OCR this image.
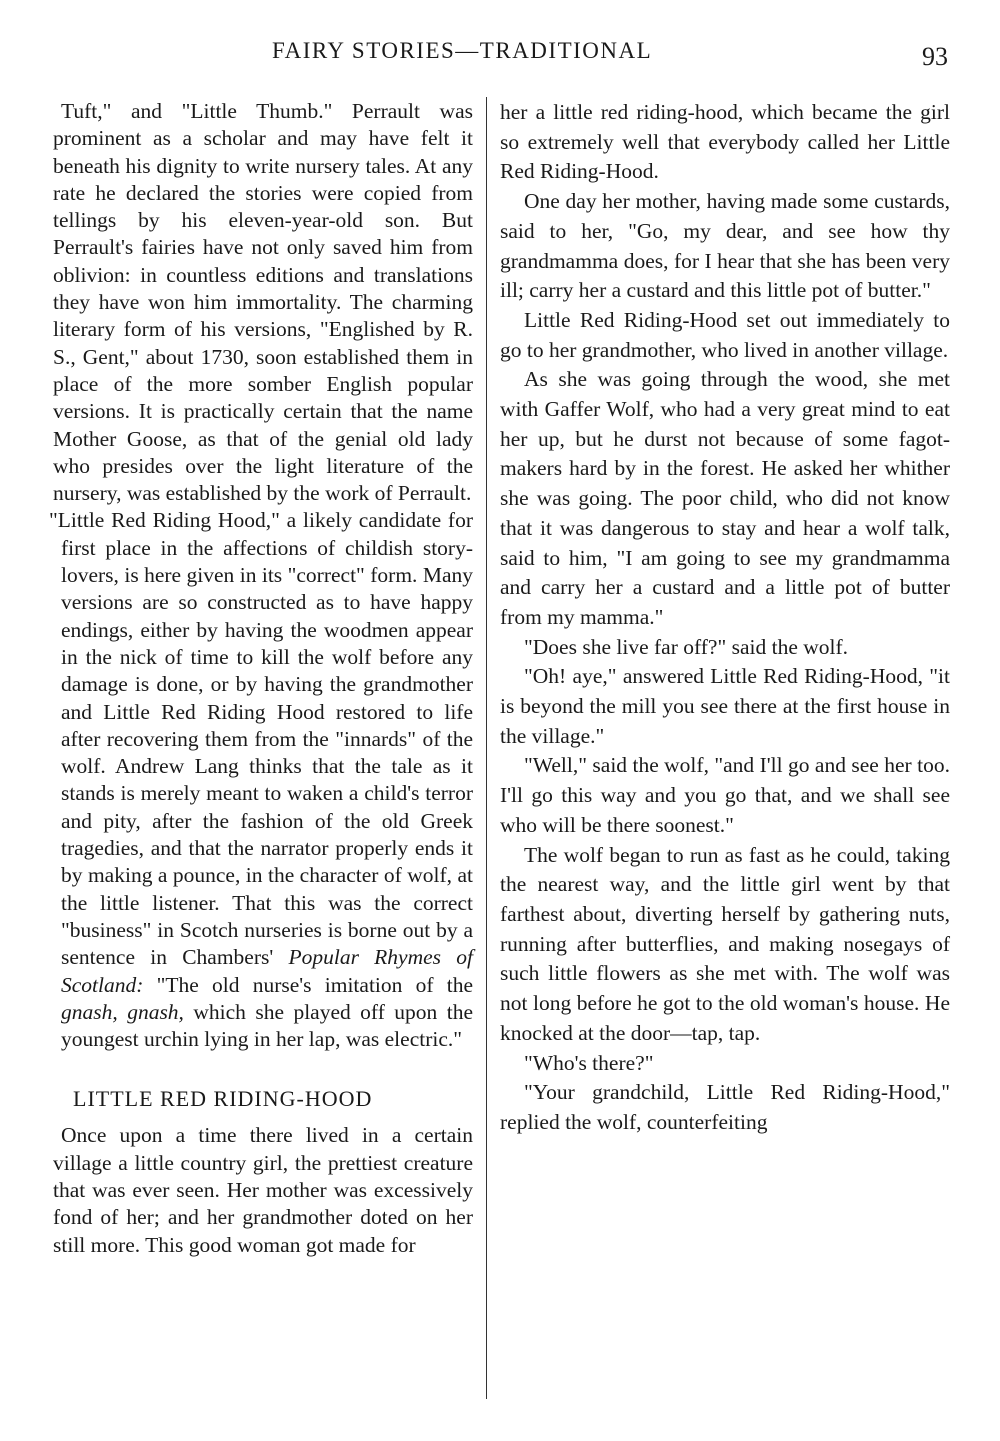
FAIRY STORIES—TRADITIONAL	93

Tuft," and "Little Thumb." Perrault was prominent as a scholar and may have felt it beneath his dignity to write nursery tales. At any rate he declared the stories were copied from tellings by his eleven-year-old son. But Perrault's fairies have not only saved him from oblivion: in countless editions and translations they have won him immortality. The charming literary form of his versions, "Englished by R. S., Gent," about 1730, soon established them in place of the more somber English popular versions. It is practically certain that the name Mother Goose, as that of the genial old lady who presides over the light literature of the nursery, was established by the work of Perrault.

"Little Red Riding Hood," a likely candidate for first place in the affections of childish story-lovers, is here given in its "correct" form. Many versions are so constructed as to have happy endings, either by having the woodmen appear in the nick of time to kill the wolf before any damage is done, or by having the grandmother and Little Red Riding Hood restored to life after recovering them from the "innards" of the wolf. Andrew Lang thinks that the tale as it stands is merely meant to waken a child's terror and pity, after the fashion of the old Greek tragedies, and that the narrator properly ends it by making a pounce, in the character of wolf, at the little listener. That this was the correct "business" in Scotch nurseries is borne out by a sentence in Chambers' Popular Rhymes of Scotland: "The old nurse's imitation of the gnash, gnash, which she played off upon the youngest urchin lying in her lap, was electric."

LITTLE RED RIDING-HOOD

Once upon a time there lived in a certain village a little country girl, the prettiest creature that was ever seen. Her mother was excessively fond of her; and her grandmother doted on her still more. This good woman got made for

her a little red riding-hood, which became the girl so extremely well that everybody called her Little Red Riding-Hood.

One day her mother, having made some custards, said to her, "Go, my dear, and see how thy grandmamma does, for I hear that she has been very ill; carry her a custard and this little pot of butter."

Little Red Riding-Hood set out immediately to go to her grandmother, who lived in another village.

As she was going through the wood, she met with Gaffer Wolf, who had a very great mind to eat her up, but he durst not because of some fagot-makers hard by in the forest. He asked her whither she was going. The poor child, who did not know that it was dangerous to stay and hear a wolf talk, said to him, "I am going to see my grandmamma and carry her a custard and a little pot of butter from my mamma."

"Does she live far off?" said the wolf.

"Oh! aye," answered Little Red Riding-Hood, "it is beyond the mill you see there at the first house in the village."

"Well," said the wolf, "and I'll go and see her too. I'll go this way and you go that, and we shall see who will be there soonest."

The wolf began to run as fast as he could, taking the nearest way, and the little girl went by that farthest about, diverting herself by gathering nuts, running after butterflies, and making nosegays of such little flowers as she met with. The wolf was not long before he got to the old woman's house. He knocked at the door—tap, tap.

"Who's there?"

"Your grandchild, Little Red Riding-Hood," replied the wolf, counterfeiting
